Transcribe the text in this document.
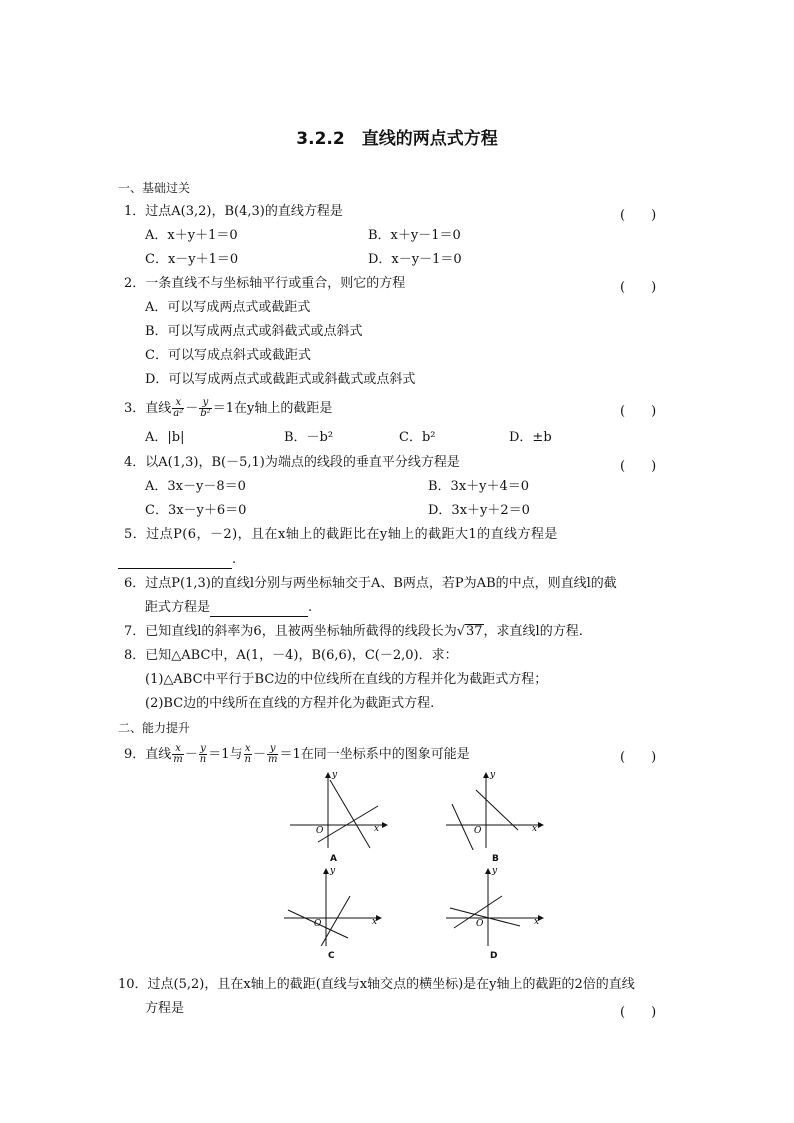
3.2.2　直线的两点式方程
一、基础过关
1．过点A(3,2)，B(4,3)的直线方程是	(　　)
A．x＋y＋1＝0	B．x＋y－1＝0
C．x－y＋1＝0	D．x－y－1＝0
2．一条直线不与坐标轴平行或重合，则它的方程	(　　)
A．可以写成两点式或截距式
B．可以写成两点式或斜截式或点斜式
C．可以写成点斜式或截距式
D．可以写成两点式或截距式或斜截式或点斜式
3．直线 $\frac{x}{\text{a²}} - \frac{y}{\text{b²}} =1$在y轴上的截距是	(　　)
A．|b|	B．－b²	C．b²	D．±b
4．以A(1,3)，B(－5,1)为端点的线段的垂直平分线方程是	(　　)
A．3x－y－8＝0	B．3x＋y＋4＝0
C．3x－y＋6＝0	D．3x＋y＋2＝0
5．过点P(6，－2)，且在x轴上的截距比在y轴上的截距大1的直线方程是
.
6．过点P(1,3)的直线l分别与两坐标轴交于A、B两点，若P为AB的中点，则直线l的截
距式方程是	.
7．已知直线l的斜率为6，且被两坐标轴所截得的线段长为√37，求直线l的方程.
8．已知△ABC中，A(1，－4)，B(6,6)，C(－2,0)．求：
(1)△ABC中平行于BC边的中位线所在直线的方程并化为截距式方程；
(2)BC边的中线所在直线的方程并化为截距式方程.
二、能力提升
9．直线 $\frac{x}{m} - \frac{y}{n} =1$与 $\frac{x}{n} - \frac{y}{m} =1$在同一坐标系中的图象可能是	(　　)
x
y
O
A
x
y
O
B
x
y
O
C
x
y
O
D
10．过点(5,2)，且在x轴上的截距(直线与x轴交点的横坐标)是在y轴上的截距的2倍的直线
方程是	(　　)
